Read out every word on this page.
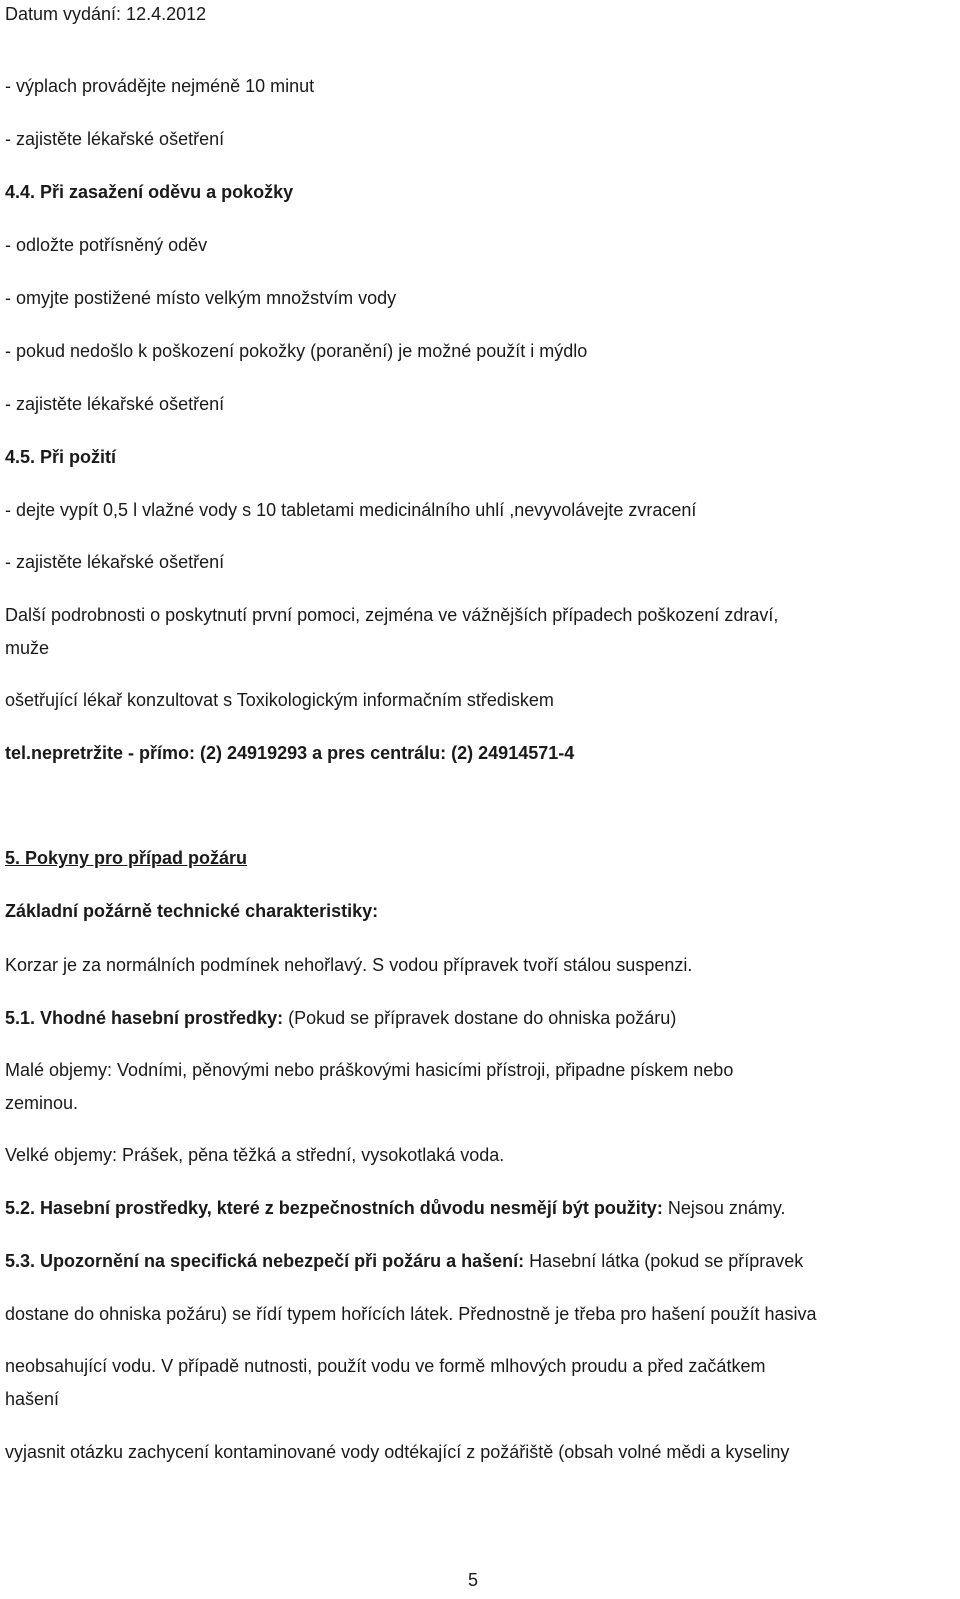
Datum vydání: 12.4.2012
- výplach provádějte nejméně 10 minut
- zajistěte lékařské ošetření
4.4. Při zasažení oděvu a pokožky
- odložte potřísněný oděv
- omyjte postižené místo velkým množstvím vody
- pokud nedošlo k poškození pokožky (poranění) je možné použít i mýdlo
- zajistěte lékařské ošetření
4.5. Při požití
- dejte vypít 0,5 l vlažné vody s 10 tabletami medicinálního uhlí ,nevyvolávejte zvracení
- zajistěte lékařské ošetření
Další podrobnosti o poskytnutí první pomoci, zejména ve vážnějších případech poškození zdraví,
muže
ošetřující lékař konzultovat s Toxikologickým informačním střediskem
tel.nepretržite - přímo: (2) 24919293 a pres centrálu: (2) 24914571-4
5. Pokyny pro případ požáru
Základní požárně technické charakteristiky:
Korzar je za normálních podmínek nehořlavý. S vodou přípravek tvoří stálou suspenzi.
5.1. Vhodné hasební prostředky: (Pokud se přípravek dostane do ohniska požáru)
Malé objemy: Vodními, pěnovými nebo práškovými hasicími přístroji, připadne pískem nebo
zeminou.
Velké objemy: Prášek, pěna těžká a střední, vysokotlaká voda.
5.2. Hasební prostředky, které z bezpečnostních důvodu nesmějí být použity: Nejsou známy.
5.3. Upozornění na specifická nebezpečí při požáru a hašení: Hasební látka (pokud se přípravek
dostane do ohniska požáru) se řídí typem hořících látek. Přednostně je třeba pro hašení použít hasiva
neobsahující vodu. V případě nutnosti, použít vodu ve formě mlhových proudu a před začátkem
hašení
vyjasnit otázku zachycení kontaminované vody odtékající z požářiště (obsah volné mědi a kyseliny
5
